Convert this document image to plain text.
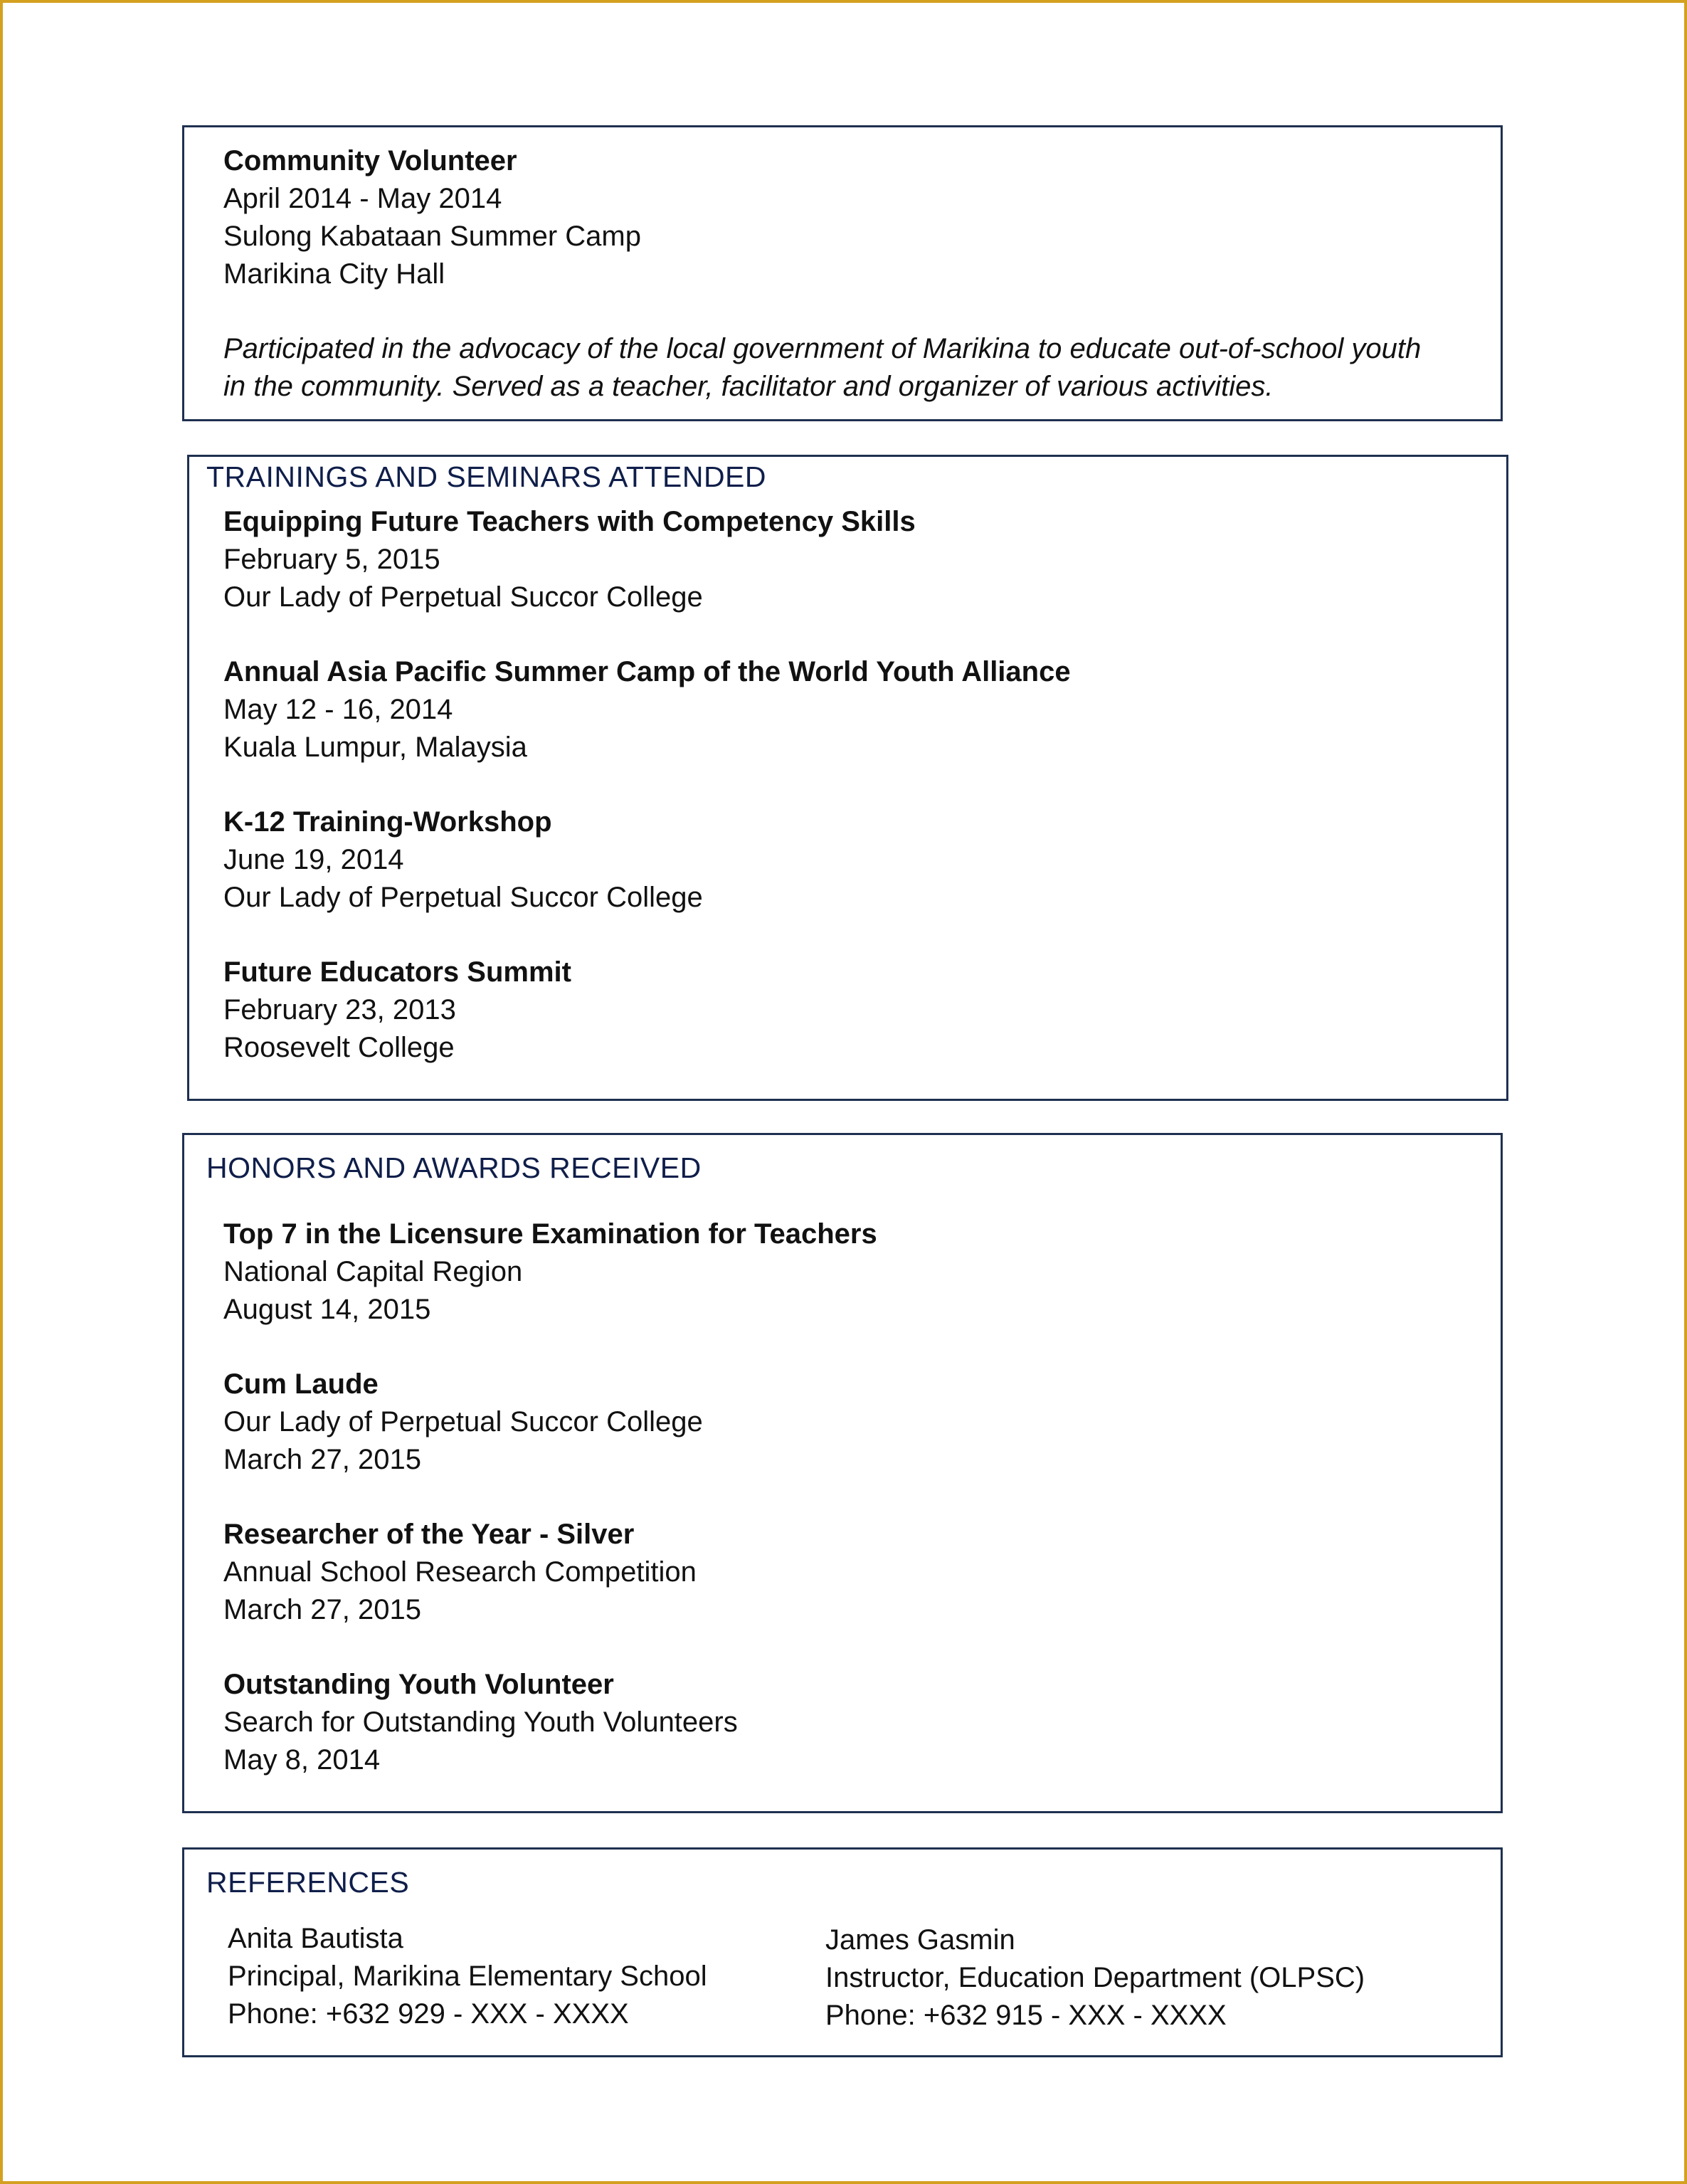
Community Volunteer
April 2014 - May 2014
Sulong Kabataan Summer Camp
Marikina City Hall
Participated in the advocacy of the local government of Marikina to educate out-of-school youth
in the community. Served as a teacher, facilitator and organizer of various activities.
TRAININGS AND SEMINARS ATTENDED
Equipping Future Teachers with Competency Skills
February 5, 2015
Our Lady of Perpetual Succor College
Annual Asia Pacific Summer Camp of the World Youth Alliance
May 12 - 16, 2014
Kuala Lumpur, Malaysia
K-12 Training-Workshop
June 19, 2014
Our Lady of Perpetual Succor College
Future Educators Summit
February 23, 2013
Roosevelt College
HONORS AND AWARDS RECEIVED
Top 7 in the Licensure Examination for Teachers
National Capital Region
August 14, 2015
Cum Laude
Our Lady of Perpetual Succor College
March 27, 2015
Researcher of the Year - Silver
Annual School Research Competition
March 27, 2015
Outstanding Youth Volunteer
Search for Outstanding Youth Volunteers
May 8, 2014
REFERENCES
Anita Bautista
Principal, Marikina Elementary School
Phone: +632 929 - XXX - XXXX
James Gasmin
Instructor, Education Department (OLPSC)
Phone: +632 915 - XXX - XXXX
